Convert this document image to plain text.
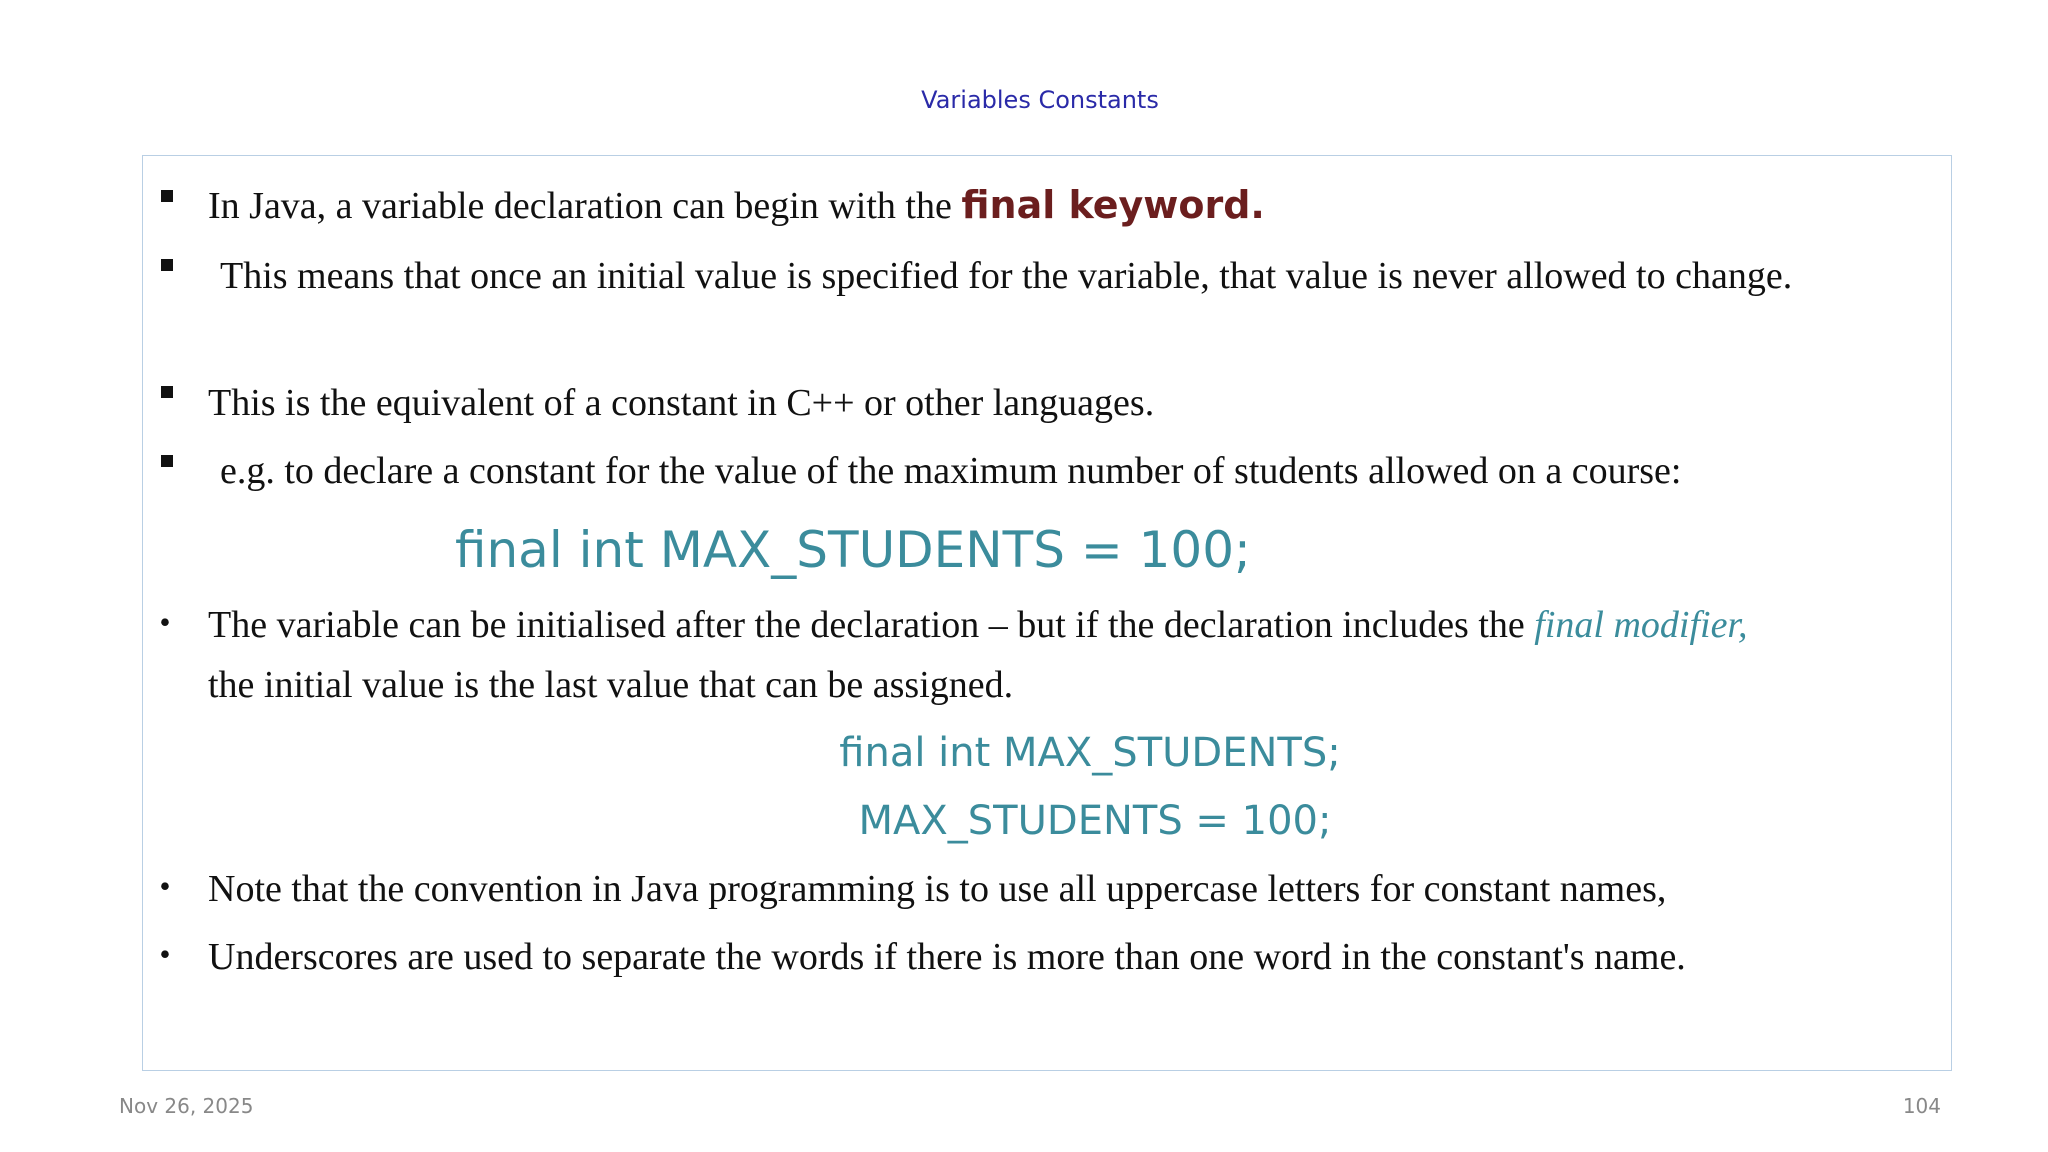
Variables Constants
In Java, a variable declaration can begin with the final keyword.
This means that once an initial value is specified for the variable, that value is never allowed to change.
This is the equivalent of a constant in C++ or other languages.
e.g. to declare a constant for the value of the maximum number of students allowed on a course:
final int MAX_STUDENTS = 100;
• The variable can be initialised after the declaration – but if the declaration includes the final modifier,
the initial value is the last value that can be assigned.
final int MAX_STUDENTS;
MAX_STUDENTS = 100;
• Note that the convention in Java programming is to use all uppercase letters for constant names,
• Underscores are used to separate the words if there is more than one word in the constant's name.
Nov 26, 2025	104
